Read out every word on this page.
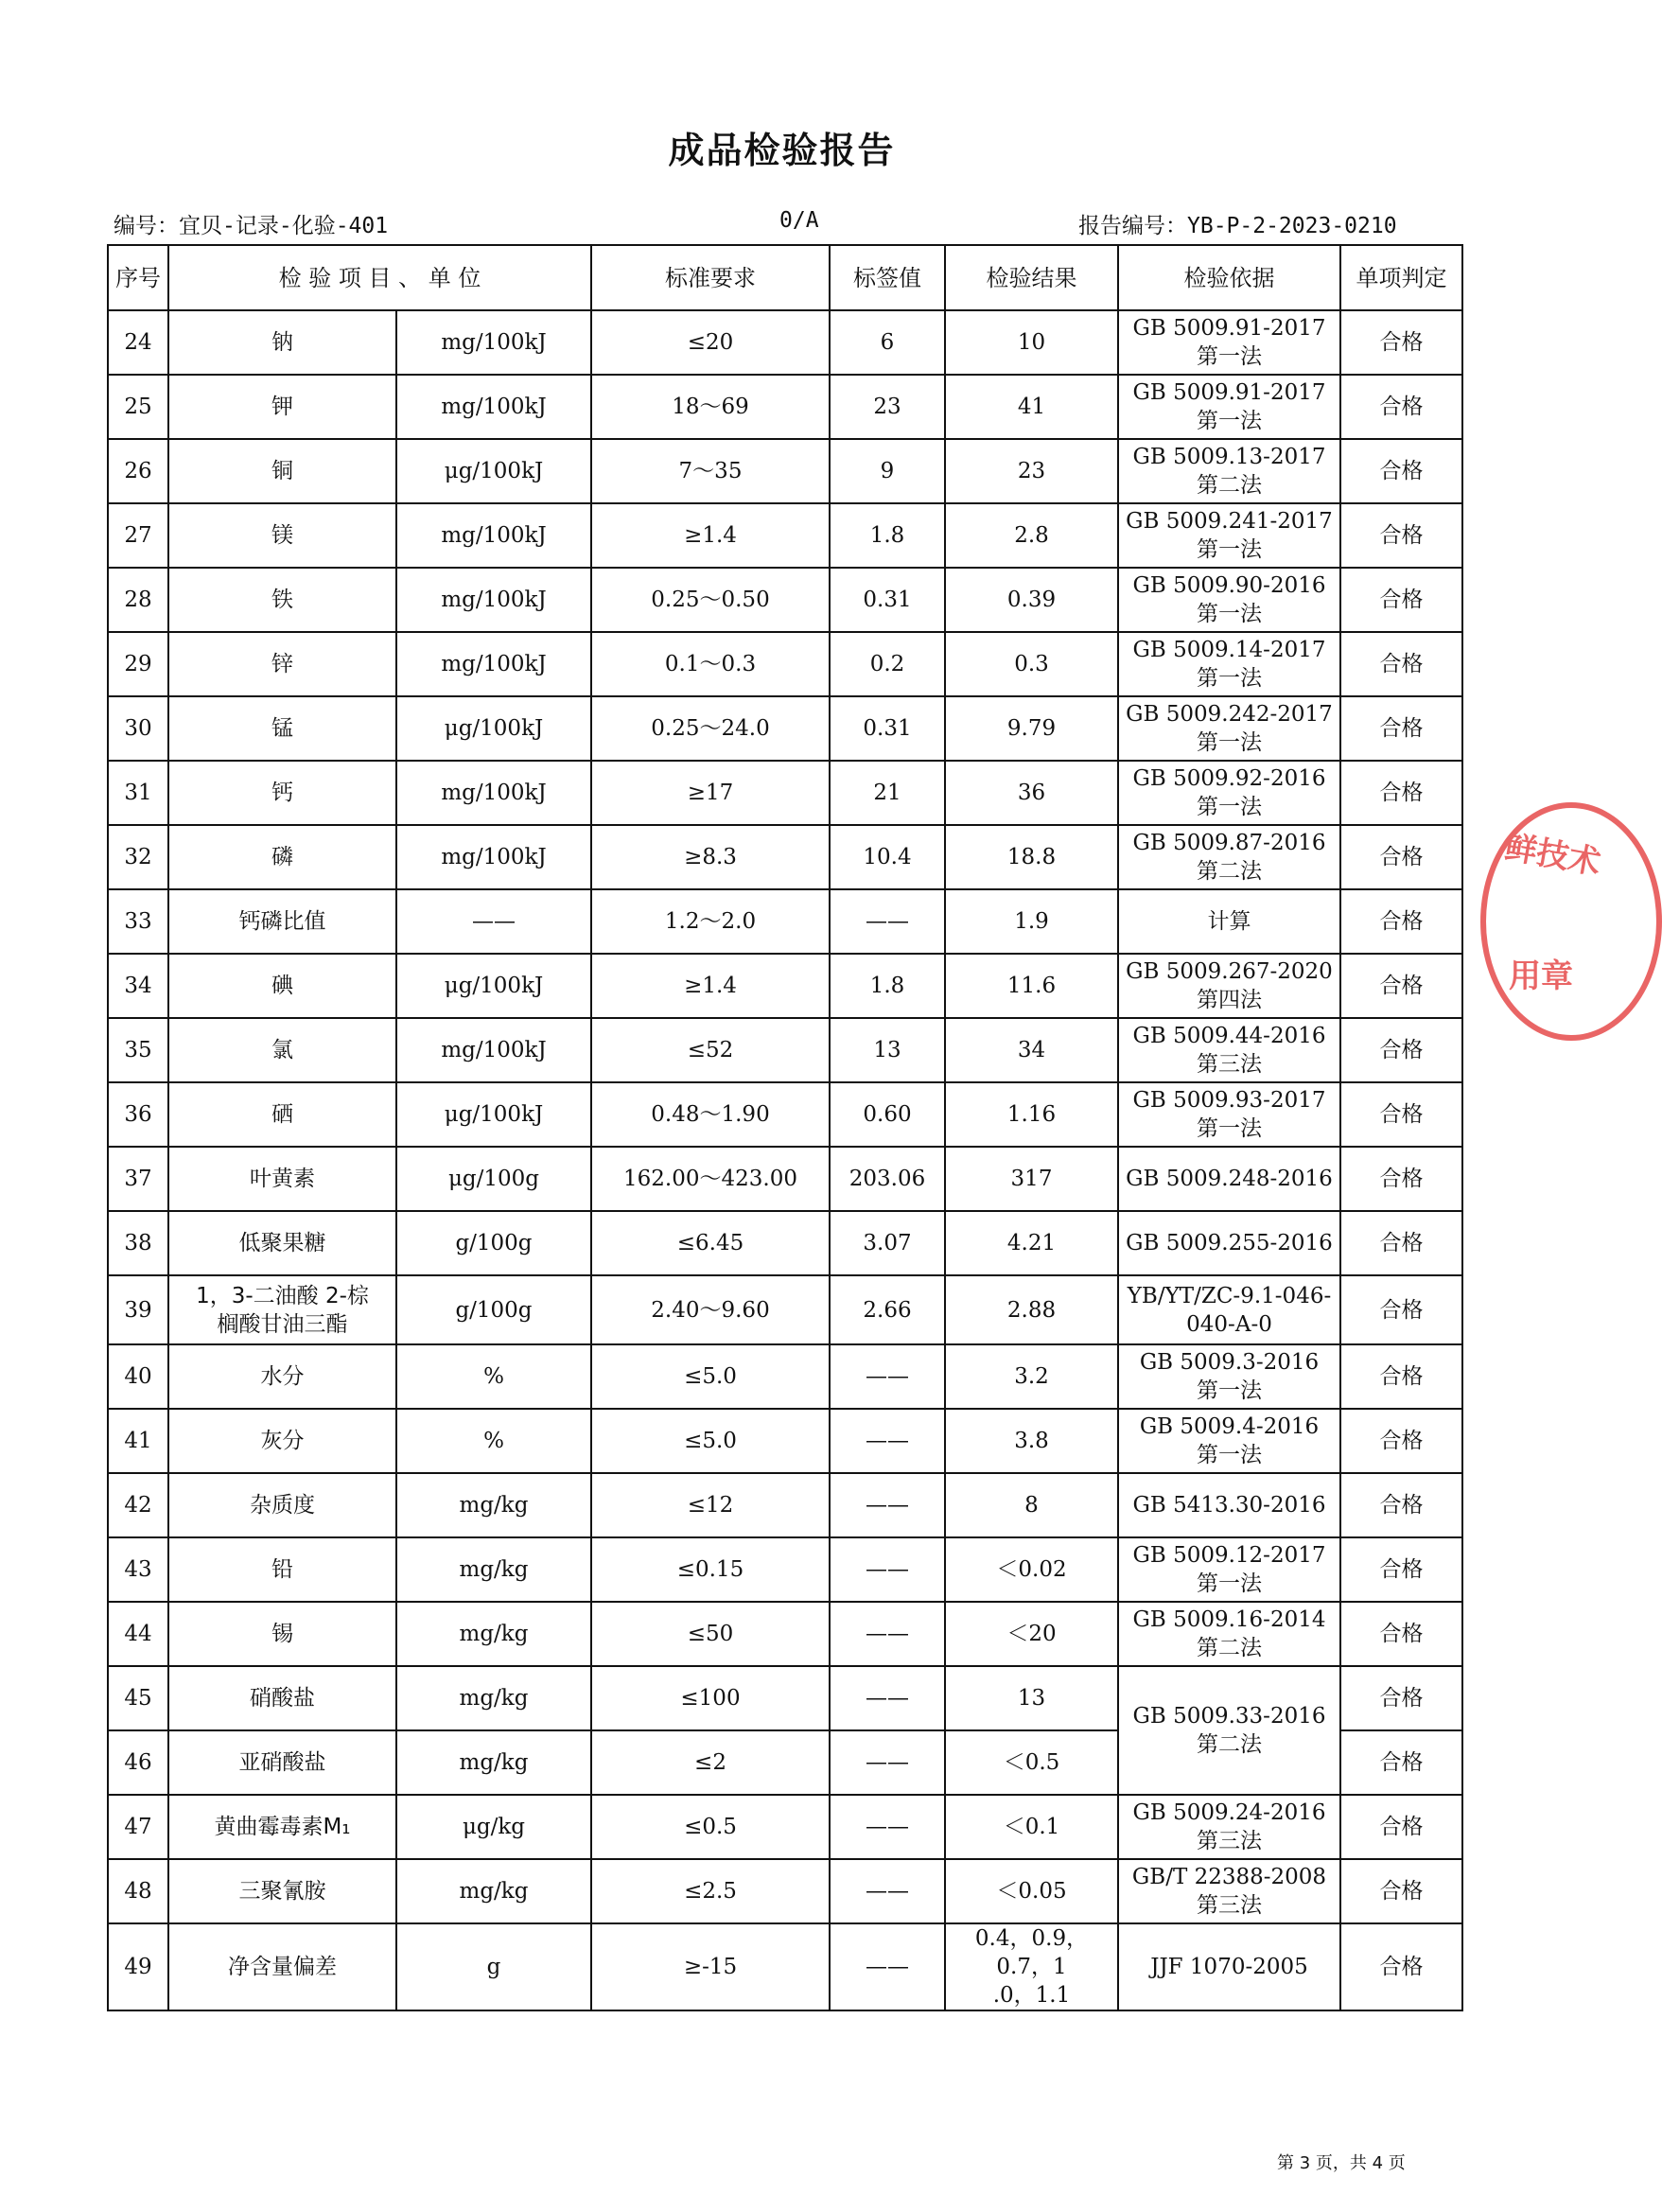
成品检验报告
编号：宜贝-记录-化验-401	0/A	报告编号：YB-P-2-2023-0210
序号	检 验 项 目 、 单 位		标准要求	标签值	检验结果	检验依据	单项判定
24	钠	mg/100kJ	≤20	6	10	GB 5009.91-2017
第一法	合格
25	钾	mg/100kJ	18～69	23	41	GB 5009.91-2017
第一法	合格
26	铜	μg/100kJ	7～35	9	23	GB 5009.13-2017
第二法	合格
27	镁	mg/100kJ	≥1.4	1.8	2.8	GB 5009.241-2017
第一法	合格
28	铁	mg/100kJ	0.25～0.50	0.31	0.39	GB 5009.90-2016
第一法	合格
29	锌	mg/100kJ	0.1～0.3	0.2	0.3	GB 5009.14-2017
第一法	合格
30	锰	μg/100kJ	0.25～24.0	0.31	9.79	GB 5009.242-2017
第一法	合格
31	钙	mg/100kJ	≥17	21	36	GB 5009.92-2016
第一法	合格
32	磷	mg/100kJ	≥8.3	10.4	18.8	GB 5009.87-2016
第二法	合格
33	钙磷比值	——	1.2～2.0	——	1.9	计算	合格
34	碘	μg/100kJ	≥1.4	1.8	11.6	GB 5009.267-2020
第四法	合格
35	氯	mg/100kJ	≤52	13	34	GB 5009.44-2016
第三法	合格
36	硒	μg/100kJ	0.48～1.90	0.60	1.16	GB 5009.93-2017
第一法	合格
37	叶黄素	μg/100g	162.00～423.00	203.06	317	GB 5009.248-2016	合格
38	低聚果糖	g/100g	≤6.45	3.07	4.21	GB 5009.255-2016	合格
39	1，3-二油酸 2-棕
榈酸甘油三酯	g/100g	2.40～9.60	2.66	2.88	YB/YT/ZC-9.1-046-
040-A-0	合格
40	水分	%	≤5.0	——	3.2	GB 5009.3-2016
第一法	合格
41	灰分	%	≤5.0	——	3.8	GB 5009.4-2016
第一法	合格
42	杂质度	mg/kg	≤12	——	8	GB 5413.30-2016	合格
43	铅	mg/kg	≤0.15	——	＜0.02	GB 5009.12-2017
第一法	合格
44	锡	mg/kg	≤50	——	＜20	GB 5009.16-2014
第二法	合格
45	硝酸盐	mg/kg	≤100	——	13	GB 5009.33-2016
第二法	合格
46	亚硝酸盐	mg/kg	≤2	——	＜0.5		合格
47	黄曲霉毒素M₁	μg/kg	≤0.5	——	＜0.1	GB 5009.24-2016
第三法	合格
48	三聚氰胺	mg/kg	≤2.5	——	＜0.05	GB/T 22388-2008
第三法	合格
49	净含量偏差	g	≥-15	——	0.4，0.9，0.7，1
.0，1.1	JJF 1070-2005	合格
鲜技术
用章
第 3 页，共 4 页
